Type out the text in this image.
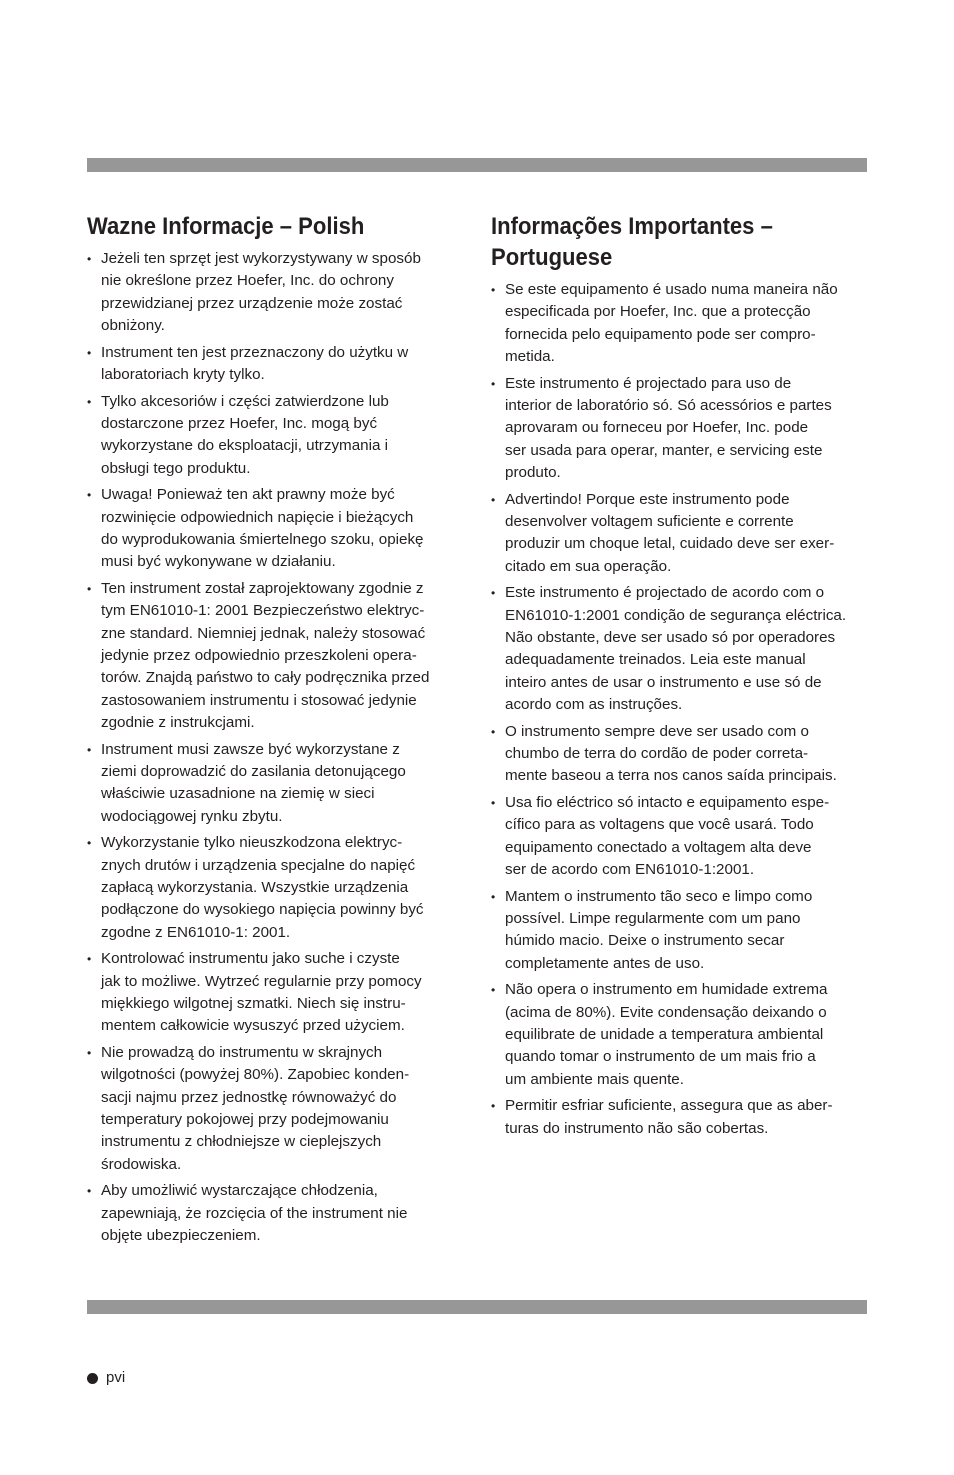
Wazne Informacje – Polish
• Jeżeli ten sprzęt jest wykorzystywany w sposób
nie określone przez Hoefer, Inc. do ochrony
przewidzianej przez urządzenie może zostać
obniżony.
• Instrument ten jest przeznaczony do użytku w
laboratoriach kryty tylko.
• Tylko akcesoriów i części zatwierdzone lub
dostarczone przez Hoefer, Inc. mogą być
wykorzystane do eksploatacji, utrzymania i
obsługi tego produktu.
• Uwaga! Ponieważ ten akt prawny może być
rozwinięcie odpowiednich napięcie i bieżących
do wyprodukowania śmiertelnego szoku, opiekę
musi być wykonywane w działaniu.
• Ten instrument został zaprojektowany zgodnie z
tym EN61010-1: 2001 Bezpieczeństwo elektryc-
zne standard. Niemniej jednak, należy stosować
jedynie przez odpowiednio przeszkoleni opera-
torów. Znajdą państwo to cały podręcznika przed
zastosowaniem instrumentu i stosować jedynie
zgodnie z instrukcjami.
• Instrument musi zawsze być wykorzystane z
ziemi doprowadzić do zasilania detonującego
właściwie uzasadnione na ziemię w sieci
wodociągowej rynku zbytu.
• Wykorzystanie tylko nieuszkodzona elektryc-
znych drutów i urządzenia specjalne do napięć
zapłacą wykorzystania. Wszystkie urządzenia
podłączone do wysokiego napięcia powinny być
zgodne z EN61010-1: 2001.
• Kontrolować instrumentu jako suche i czyste
jak to możliwe. Wytrzeć regularnie przy pomocy
miękkiego wilgotnej szmatki. Niech się instru-
mentem całkowicie wysuszyć przed użyciem.
• Nie prowadzą do instrumentu w skrajnych
wilgotności (powyżej 80%). Zapobiec konden-
sacji najmu przez jednostkę równoważyć do
temperatury pokojowej przy podejmowaniu
instrumentu z chłodniejsze w cieplejszych
środowiska.
• Aby umożliwić wystarczające chłodzenia,
zapewniają, że rozcięcia of the instrument nie
objęte ubezpieczeniem.
Informações Importantes –
Portuguese
• Se este equipamento é usado numa maneira não
especificada por Hoefer, Inc. que a protecção
fornecida pelo equipamento pode ser compro-
metida.
• Este instrumento é projectado para uso de
interior de laboratório só. Só acessórios e partes
aprovaram ou forneceu por Hoefer, Inc. pode
ser usada para operar, manter, e servicing este
produto.
• Advertindo! Porque este instrumento pode
desenvolver voltagem suficiente e corrente
produzir um choque letal, cuidado deve ser exer-
citado em sua operação.
• Este instrumento é projectado de acordo com o
EN61010-1:2001 condição de segurança eléctrica.
Não obstante, deve ser usado só por operadores
adequadamente treinados. Leia este manual
inteiro antes de usar o instrumento e use só de
acordo com as instruções.
• O instrumento sempre deve ser usado com o
chumbo de terra do cordão de poder correta-
mente baseou a terra nos canos saída principais.
• Usa fio eléctrico só intacto e equipamento espe-
cífico para as voltagens que você usará. Todo
equipamento conectado a voltagem alta deve
ser de acordo com EN61010-1:2001.
• Mantem o instrumento tão seco e limpo como
possível. Limpe regularmente com um pano
húmido macio. Deixe o instrumento secar
completamente antes de uso.
• Não opera o instrumento em humidade extrema
(acima de 80%). Evite condensação deixando o
equilibrate de unidade a temperatura ambiental
quando tomar o instrumento de um mais frio a
um ambiente mais quente.
• Permitir esfriar suficiente, assegura que as aber-
turas do instrumento não são cobertas.
pvi
